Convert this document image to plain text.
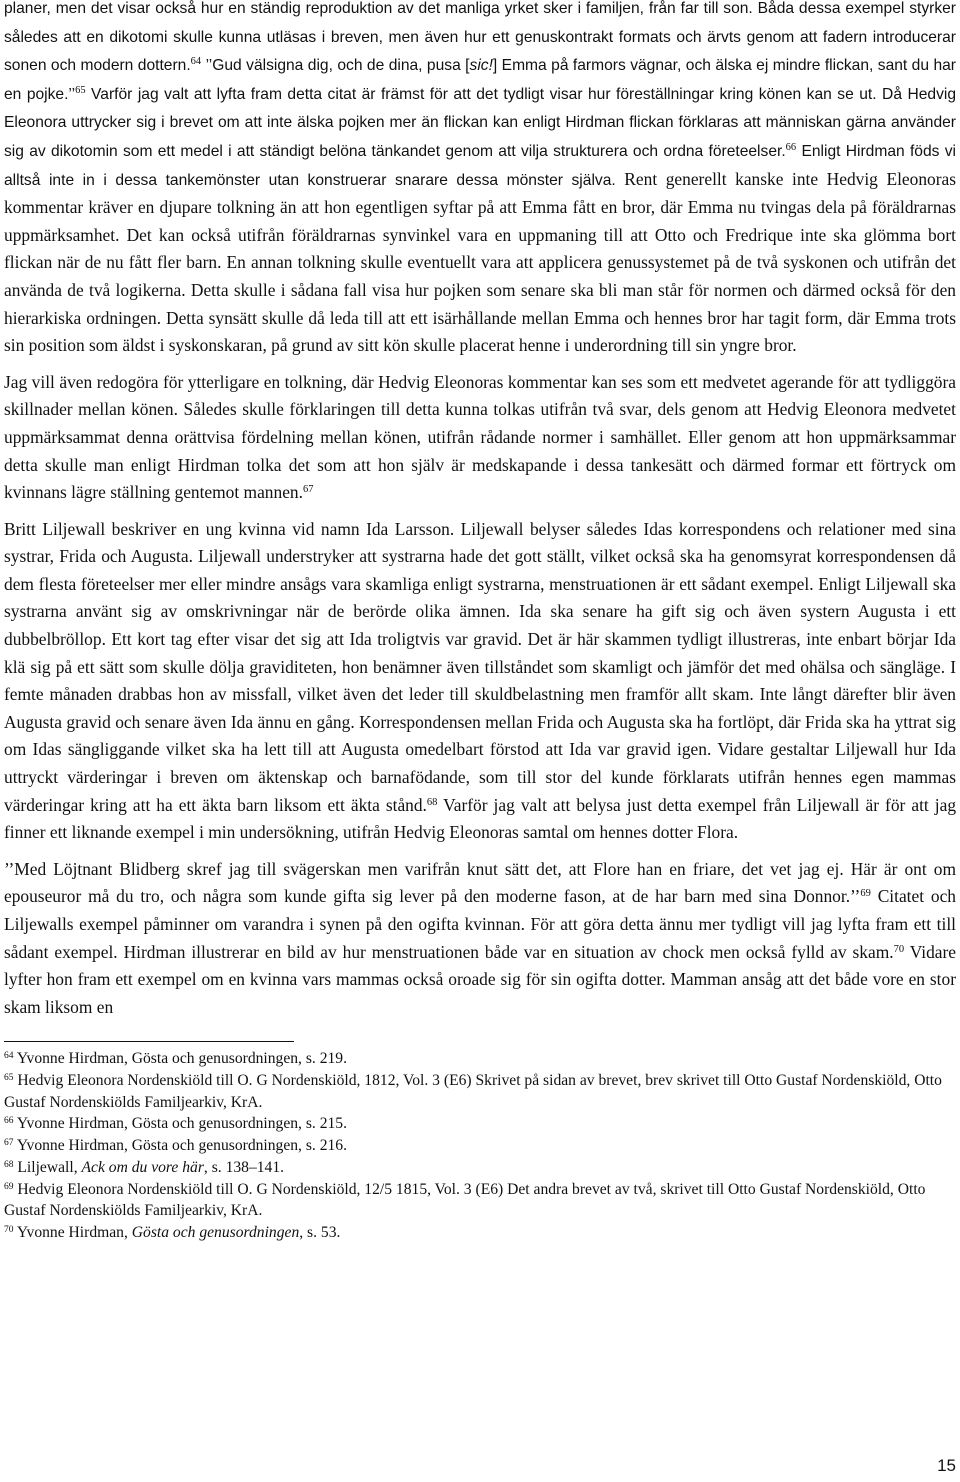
planer, men det visar också hur en ständig reproduktion av det manliga yrket sker i familjen, från far till son. Båda dessa exempel styrker således att en dikotomi skulle kunna utläsas i breven, men även hur ett genuskontrakt formats och ärvts genom att fadern introducerar sonen och modern dottern.$^{64}$ ’’Gud välsigna dig, och de dina, pusa [sic!] Emma på farmors vägnar, och älska ej mindre flickan, sant du har en pojke.’’$^{65}$ Varför jag valt att lyfta fram detta citat är främst för att det tydligt visar hur föreställningar kring könen kan se ut. Då Hedvig Eleonora uttrycker sig i brevet om att inte älska pojken mer än flickan kan enligt Hirdman flickan förklaras att människan gärna använder sig av dikotomin som ett medel i att ständigt belöna tänkandet genom att vilja strukturera och ordna företeelser.$^{66}$ Enligt Hirdman föds vi alltså inte in i dessa tankemönster utan konstruerar snarare dessa mönster själva. Rent generellt kanske inte Hedvig Eleonoras kommentar kräver en djupare tolkning än att hon egentligen syftar på att Emma fått en bror, där Emma nu tvingas dela på föräldrarnas uppmärksamhet. Det kan också utifrån föräldrarnas synvinkel vara en uppmaning till att Otto och Fredrique inte ska glömma bort flickan när de nu fått fler barn. En annan tolkning skulle eventuellt vara att applicera genussystemet på de två syskonen och utifrån det använda de två logikerna. Detta skulle i sådana fall visa hur pojken som senare ska bli man står för normen och därmed också för den hierarkiska ordningen. Detta synsätt skulle då leda till att ett isärhållande mellan Emma och hennes bror har tagit form, där Emma trots sin position som äldst i syskonskaran, på grund av sitt kön skulle placerat henne i underordning till sin yngre bror.

Jag vill även redogöra för ytterligare en tolkning, där Hedvig Eleonoras kommentar kan ses som ett medvetet agerande för att tydliggöra skillnader mellan könen. Således skulle förklaringen till detta kunna tolkas utifrån två svar, dels genom att Hedvig Eleonora medvetet uppmärksammat denna orättvisa fördelning mellan könen, utifrån rådande normer i samhället. Eller genom att hon uppmärksammar detta skulle man enligt Hirdman tolka det som att hon själv är medskapande i dessa tankesätt och därmed formar ett förtryck om kvinnans lägre ställning gentemot mannen.$^{67}$

Britt Liljewall beskriver en ung kvinna vid namn Ida Larsson. Liljewall belyser således Idas korrespondens och relationer med sina systrar, Frida och Augusta. Liljewall understryker att systrarna hade det gott ställt, vilket också ska ha genomsyrat korrespondensen då dem flesta företeelser mer eller mindre ansågs vara skamliga enligt systrarna, menstruationen är ett sådant exempel. Enligt Liljewall ska systrarna använt sig av omskrivningar när de berörde olika ämnen. Ida ska senare ha gift sig och även systern Augusta i ett dubbelbröllop. Ett kort tag efter visar det sig att Ida troligtvis var gravid. Det är här skammen tydligt illustreras, inte enbart börjar Ida klä sig på ett sätt som skulle dölja graviditeten, hon benämner även tillståndet som skamligt och jämför det med ohälsa och sängläge. I femte månaden drabbas hon av missfall, vilket även det leder till skuldbelastning men framför allt skam. Inte långt därefter blir även Augusta gravid och senare även Ida ännu en gång. Korrespondensen mellan Frida och Augusta ska ha fortlöpt, där Frida ska ha yttrat sig om Idas sängliggande vilket ska ha lett till att Augusta omedelbart förstod att Ida var gravid igen. Vidare gestaltar Liljewall hur Ida uttryckt värderingar i breven om äktenskap och barnafödande, som till stor del kunde förklarats utifrån hennes egen mammas värderingar kring att ha ett äkta barn liksom ett äkta stånd.$^{68}$ Varför jag valt att belysa just detta exempel från Liljewall är för att jag finner ett liknande exempel i min undersökning, utifrån Hedvig Eleonoras samtal om hennes dotter Flora.

’’Med Löjtnant Blidberg skref jag till svägerskan men varifrån knut sätt det, att Flore han en friare, det vet jag ej. Här är ont om epouseuror må du tro, och några som kunde gifta sig lever på den moderne fason, at de har barn med sina Donnor.’’$^{69}$ Citatet och Liljewalls exempel påminner om varandra i synen på den ogifta kvinnan. För att göra detta ännu mer tydligt vill jag lyfta fram ett till sådant exempel. Hirdman illustrerar en bild av hur menstruationen både var en situation av chock men också fylld av skam.$^{70}$ Vidare lyfter hon fram ett exempel om en kvinna vars mammas också oroade sig för sin ogifta dotter. Mamman ansåg att det både vore en stor skam liksom en

$^{64}$ Yvonne Hirdman, Gösta och genusordningen, s. 219.

$^{65}$ Hedvig Eleonora Nordenskiöld till O. G Nordenskiöld, 1812, Vol. 3 (E6) Skrivet på sidan av brevet, brev skrivet till Otto Gustaf Nordenskiöld, Otto Gustaf Nordenskiölds Familjearkiv, KrA.

$^{66}$ Yvonne Hirdman, Gösta och genusordningen, s. 215.

$^{67}$ Yvonne Hirdman, Gösta och genusordningen, s. 216.

$^{68}$ Liljewall, Ack om du vore här, s. 138–141.

$^{69}$ Hedvig Eleonora Nordenskiöld till O. G Nordenskiöld, 12/5 1815, Vol. 3 (E6) Det andra brevet av två, skrivet till Otto Gustaf Nordenskiöld, Otto Gustaf Nordenskiölds Familjearkiv, KrA.

$^{70}$ Yvonne Hirdman, Gösta och genusordningen, s. 53.

15
